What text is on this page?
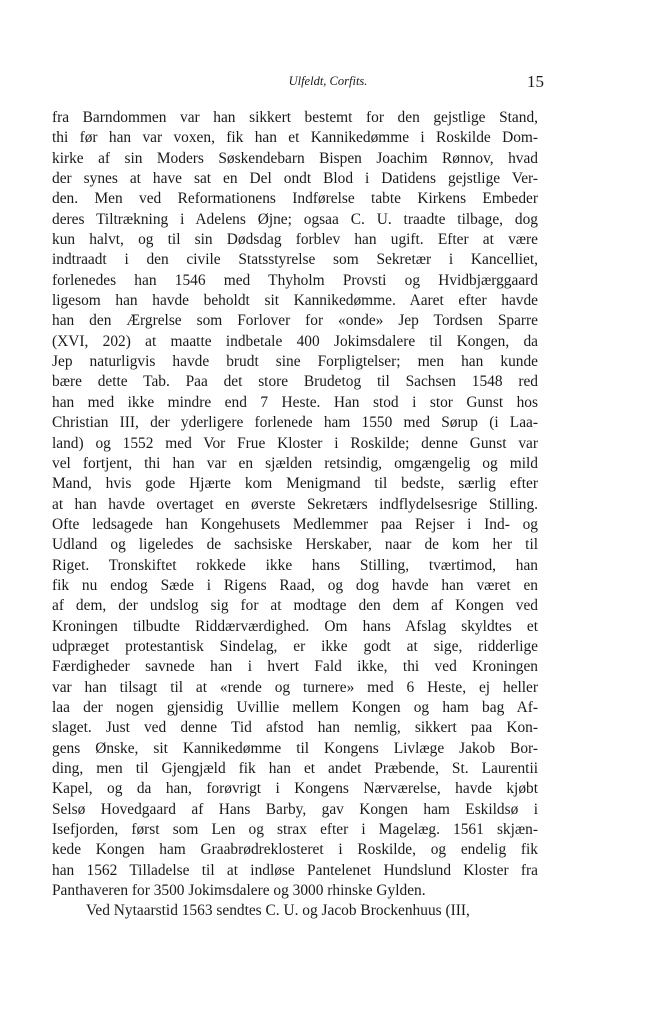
Ulfeldt, Corfits.	15
fra Barndommen var han sikkert bestemt for den gejstlige Stand,
thi før han var voxen, fik han et Kannikedømme i Roskilde Dom-
kirke af sin Moders Søskendebarn Bispen Joachim Rønnov, hvad
der synes at have sat en Del ondt Blod i Datidens gejstlige Ver-
den. Men ved Reformationens Indførelse tabte Kirkens Embeder
deres Tiltrækning i Adelens Øjne; ogsaa C. U. traadte tilbage, dog
kun halvt, og til sin Dødsdag forblev han ugift. Efter at være
indtraadt i den civile Statsstyrelse som Sekretær i Kancelliet,
forlenedes han 1546 med Thyholm Provsti og Hvidbjærggaard
ligesom han havde beholdt sit Kannikedømme. Aaret efter havde
han den Ærgrelse som Forlover for «onde» Jep Tordsen Sparre
(XVI, 202) at maatte indbetale 400 Jokimsdalere til Kongen, da
Jep naturligvis havde brudt sine Forpligtelser; men han kunde
bære dette Tab. Paa det store Brudetog til Sachsen 1548 red
han med ikke mindre end 7 Heste. Han stod i stor Gunst hos
Christian III, der yderligere forlenede ham 1550 med Sørup (i Laa-
land) og 1552 med Vor Frue Kloster i Roskilde; denne Gunst var
vel fortjent, thi han var en sjælden retsindig, omgængelig og mild
Mand, hvis gode Hjærte kom Menigmand til bedste, særlig efter
at han havde overtaget en øverste Sekretærs indflydelsesrige Stilling.
Ofte ledsagede han Kongehusets Medlemmer paa Rejser i Ind- og
Udland og ligeledes de sachsiske Herskaber, naar de kom her til
Riget. Tronskiftet rokkede ikke hans Stilling, tværtimod, han
fik nu endog Sæde i Rigens Raad, og dog havde han været en
af dem, der undslog sig for at modtage den dem af Kongen ved
Kroningen tilbudte Riddærværdighed. Om hans Afslag skyldtes et
udpræget protestantisk Sindelag, er ikke godt at sige, ridderlige
Færdigheder savnede han i hvert Fald ikke, thi ved Kroningen
var han tilsagt til at «rende og turnere» med 6 Heste, ej heller
laa der nogen gjensidig Uvillie mellem Kongen og ham bag Af-
slaget. Just ved denne Tid afstod han nemlig, sikkert paa Kon-
gens Ønske, sit Kannikedømme til Kongens Livlæge Jakob Bor-
ding, men til Gjengjæld fik han et andet Præbende, St. Laurentii
Kapel, og da han, forøvrigt i Kongens Nærværelse, havde kjøbt
Selsø Hovedgaard af Hans Barby, gav Kongen ham Eskildsø i
Isefjorden, først som Len og strax efter i Magelæg. 1561 skjæn-
kede Kongen ham Graabrødreklosteret i Roskilde, og endelig fik
han 1562 Tilladelse til at indløse Pantelenet Hundslund Kloster fra
Panthaveren for 3500 Jokimsdalere og 3000 rhinske Gylden.
Ved Nytaarstid 1563 sendtes C. U. og Jacob Brockenhuus (III,
